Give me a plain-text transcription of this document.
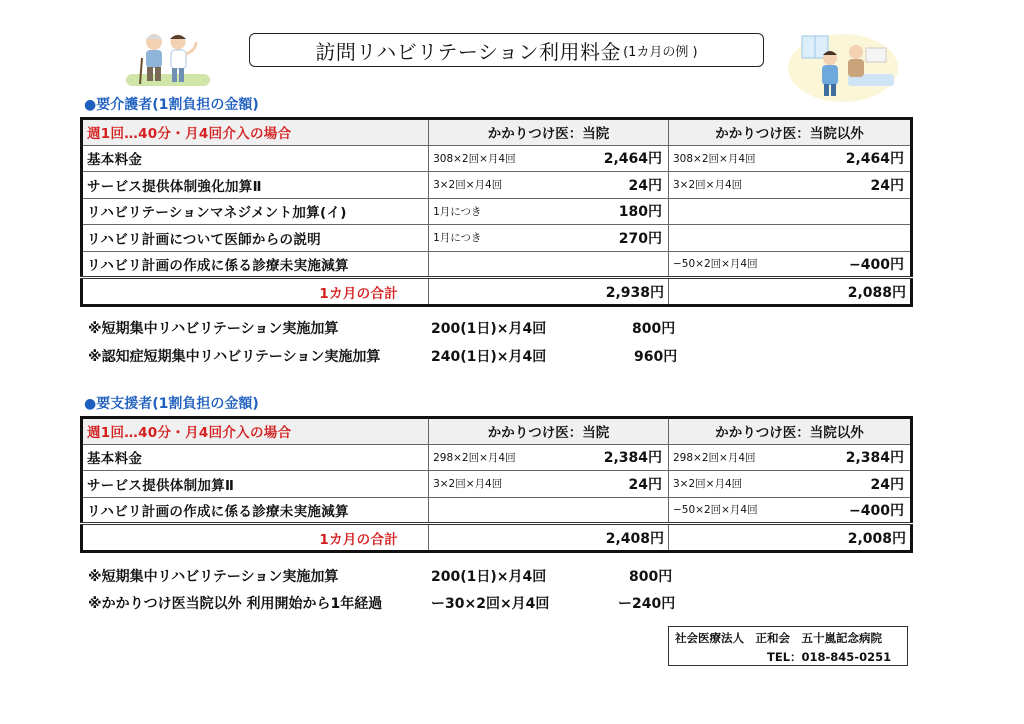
訪問リハビリテーション利用料金 (1カ月の例 )
●要介護者(1割負担の金額)
週1回…40分・月4回介入の場合	かかりつけ医：当院	かかりつけ医：当院以外
基本料金	308×2回×月4回 2,464円	308×2回×月4回 2,464円

サービス提供体制強化加算Ⅱ	3×2回×月4回 24円	3×2回×月4回 24円

リハビリテーションマネジメント加算(イ)	1月につき 180円	

リハビリ計画について医師からの説明	1月につき 270円	

リハビリ計画の作成に係る診療未実施減算		−50×2回×月4回 −400円

1カ月の合計	2,938円	2,088円
※短期集中リハビリテーション実施加算	200(1日)×月4回	800円
※認知症短期集中リハビリテーション実施加算	240(1日)×月4回	960円
●要支援者(1割負担の金額)
週1回…40分・月4回介入の場合	かかりつけ医：当院	かかりつけ医：当院以外
基本料金	298×2回×月4回 2,384円	298×2回×月4回 2,384円

サービス提供体制加算Ⅱ	3×2回×月4回 24円	3×2回×月4回 24円

リハビリ計画の作成に係る診療未実施減算		−50×2回×月4回 −400円

1カ月の合計	2,408円	2,008円
※短期集中リハビリテーション実施加算	200(1日)×月4回	800円
※かかりつけ医当院以外 利用開始から1年経過	ー30×2回×月4回	ー240円
社会医療法人　正和会　五十嵐記念病院
TEL：018-845-0251
